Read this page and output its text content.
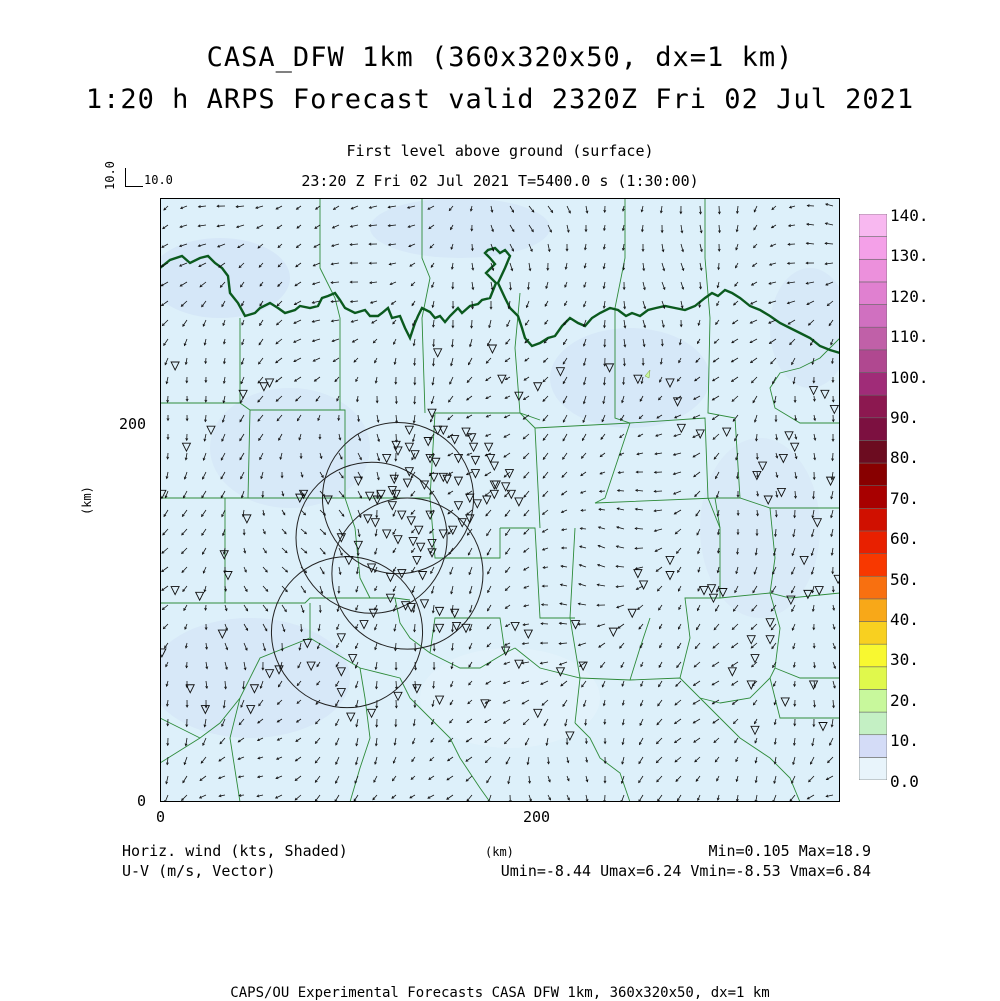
CASA_DFW 1km (360x320x50, dx=1 km)
1:20 h ARPS Forecast valid 2320Z Fri 02 Jul 2021
First level above ground (surface)
23:20 Z Fri 02 Jul 2021 T=5400.0 s (1:30:00)
10.0 10.0
200
0
0	200
(km)
(km)
140.
130.
120.
110.
100.
90.
80.
70.
60.
50.
40.
30.
20.
10.
0.0
Horiz. wind (kts, Shaded)
U-V (m/s, Vector)
Min=0.105 Max=18.9
Umin=-8.44 Umax=6.24 Vmin=-8.53 Vmax=6.84
CAPS/OU Experimental Forecasts CASA DFW 1km, 360x320x50, dx=1 km
